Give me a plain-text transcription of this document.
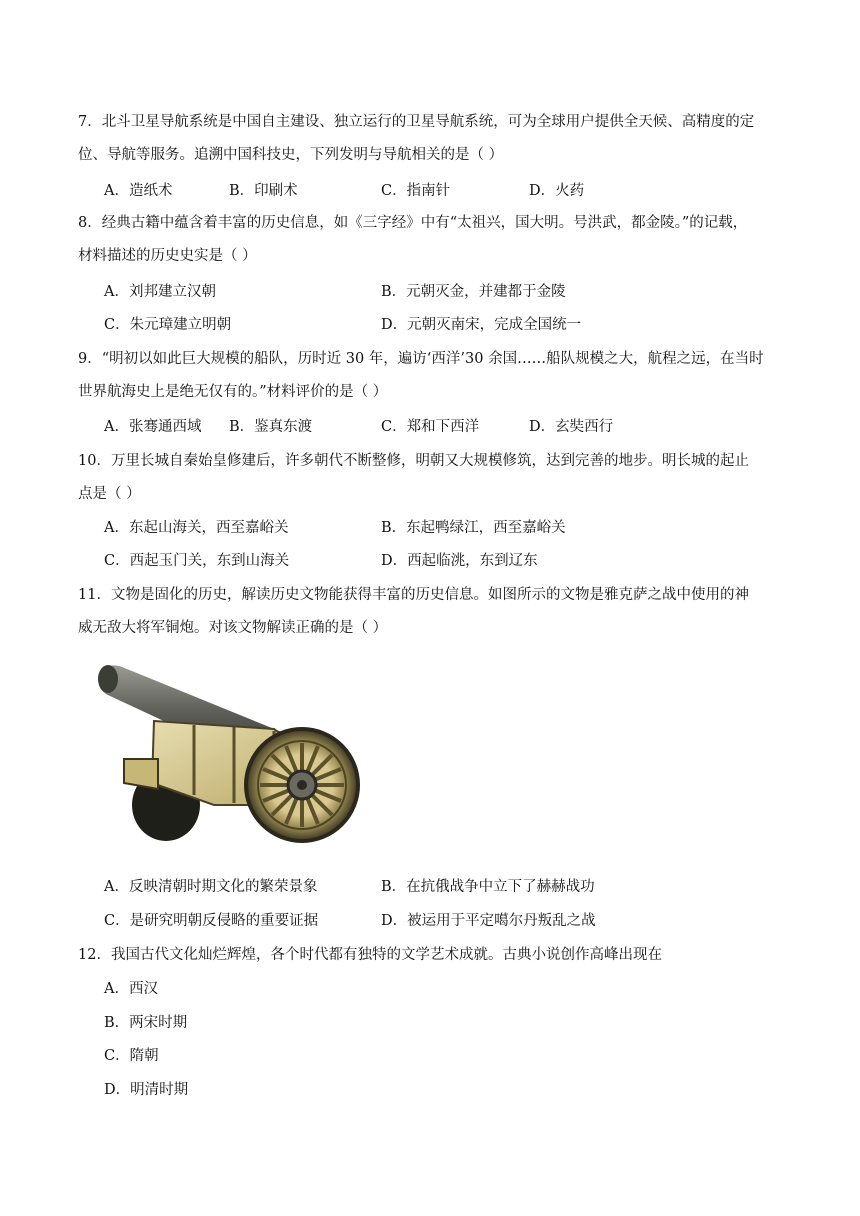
7．北斗卫星导航系统是中国自主建设、独立运行的卫星导航系统，可为全球用户提供全天候、高精度的定
位、导航等服务。追溯中国科技史，下列发明与导航相关的是（ ）
A．造纸术	B．印刷术	C．指南针	D．火药
8．经典古籍中蕴含着丰富的历史信息，如《三字经》中有“太祖兴，国大明。号洪武，都金陵。”的记载，
材料描述的历史史实是（ ）
A．刘邦建立汉朝	B．元朝灭金，并建都于金陵
C．朱元璋建立明朝	D．元朝灭南宋，完成全国统一
9．“明初以如此巨大规模的船队，历时近 30 年，遍访‘西洋’30 余国……船队规模之大，航程之远，在当时
世界航海史上是绝无仅有的。”材料评价的是（ ）
A．张骞通西域 B．鉴真东渡	C．郑和下西洋	D．玄奘西行
10．万里长城自秦始皇修建后，许多朝代不断整修，明朝又大规模修筑，达到完善的地步。明长城的起止
点是（ ）
A．东起山海关，西至嘉峪关	B．东起鸭绿江，西至嘉峪关
C．西起玉门关，东到山海关	D．西起临洮，东到辽东
11．文物是固化的历史，解读历史文物能获得丰富的历史信息。如图所示的文物是雅克萨之战中使用的神
威无敌大将军铜炮。对该文物解读正确的是（ ）
A．反映清朝时期文化的繁荣景象	B．在抗俄战争中立下了赫赫战功
C．是研究明朝反侵略的重要证据	D．被运用于平定噶尔丹叛乱之战
12．我国古代文化灿烂辉煌，各个时代都有独特的文学艺术成就。古典小说创作高峰出现在
A．西汉
B．两宋时期
C．隋朝
D．明清时期
